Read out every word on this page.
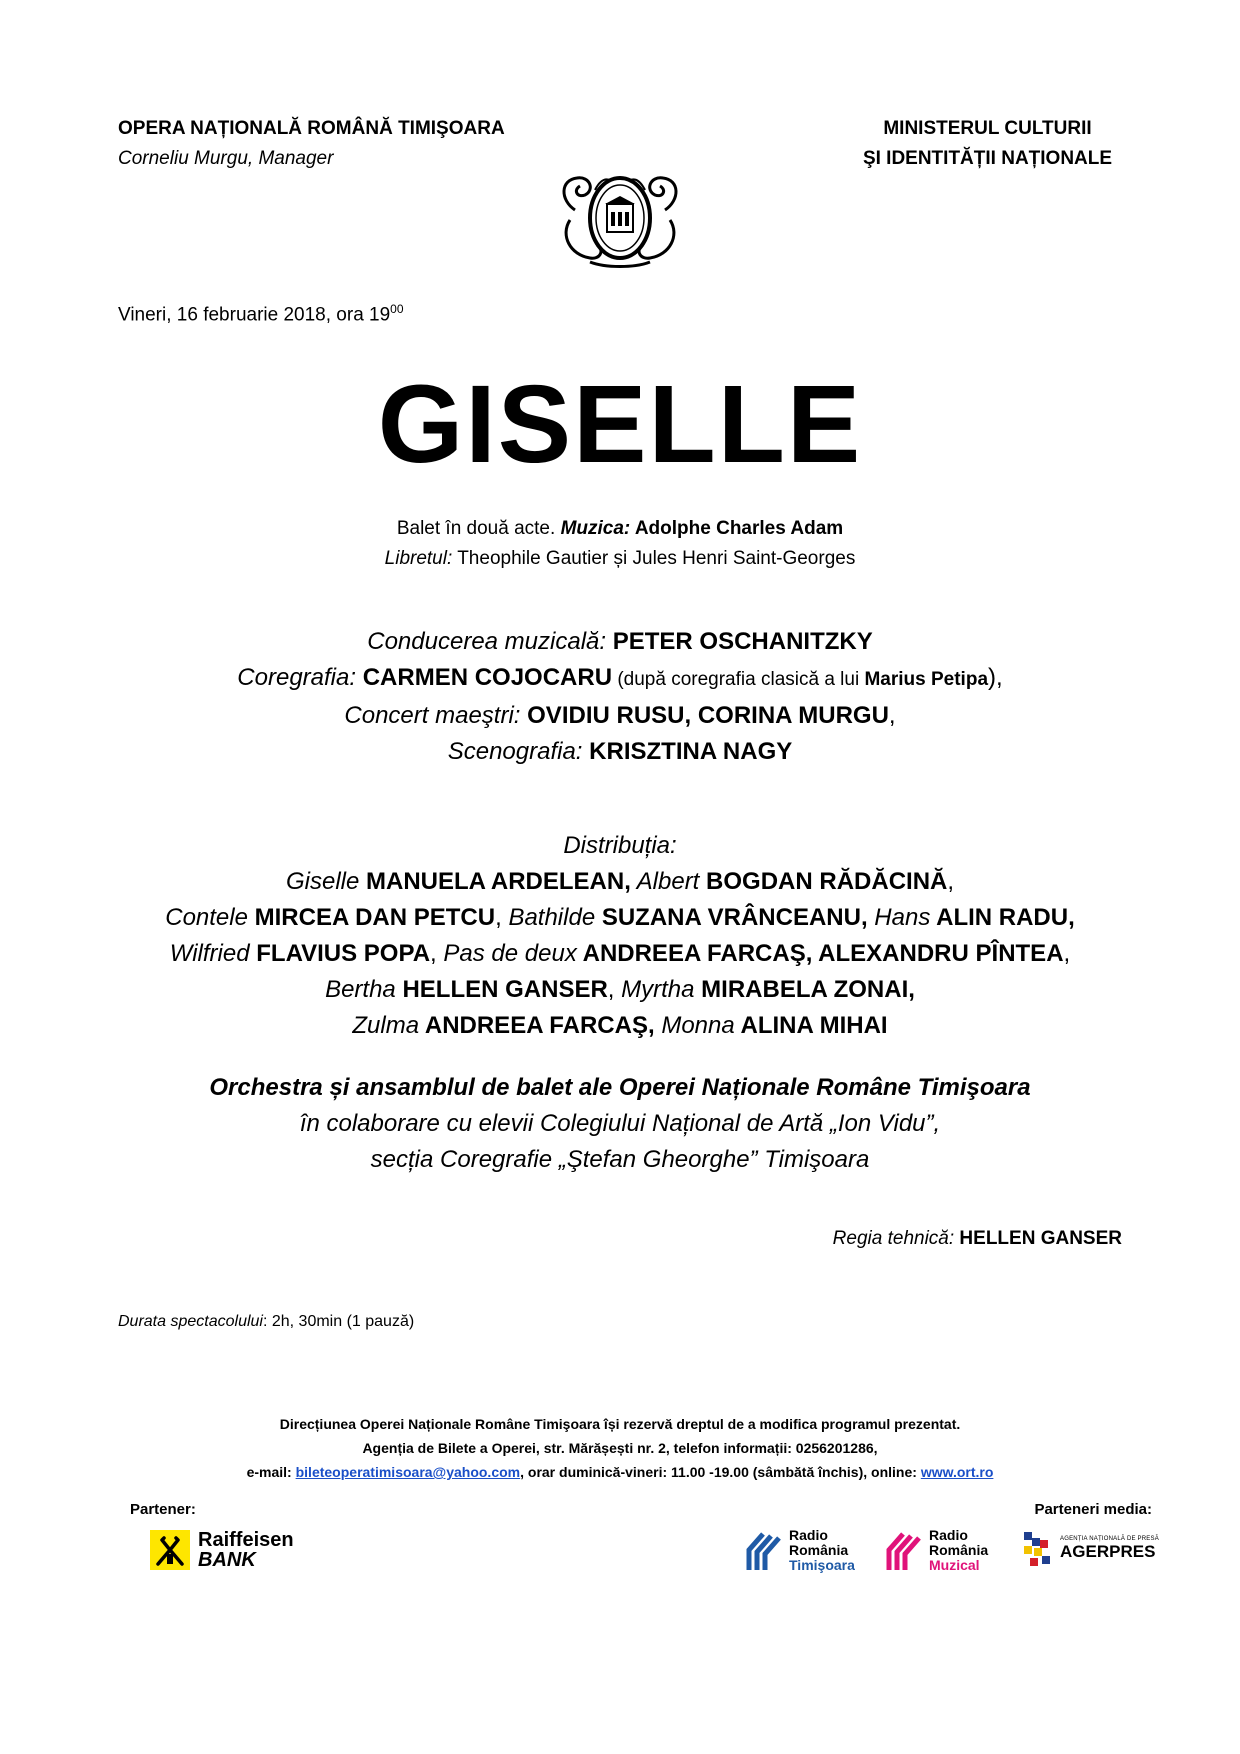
OPERA NAȚIONALĂ ROMÂNĂ TIMIŞOARA
Corneliu Murgu, Manager
MINISTERUL CULTURII
ŞI IDENTITĂȚII NAȚIONALE
Vineri, 16 februarie 2018, ora $19^{00}$
GISELLE
Balet în două acte. Muzica: Adolphe Charles Adam
Libretul: Theophile Gautier și Jules Henri Saint-Georges
Conducerea muzicală: PETER OSCHANITZKY
Coregrafia: CARMEN COJOCARU (după coregrafia clasică a lui Marius Petipa),
Concert maeştri: OVIDIU RUSU, CORINA MURGU,
Scenografia: KRISZTINA NAGY
Distribuția:
Giselle MANUELA ARDELEAN, Albert BOGDAN RĂDĂCINĂ,
Contele MIRCEA DAN PETCU, Bathilde SUZANA VRÂNCEANU, Hans ALIN RADU,
Wilfried FLAVIUS POPA, Pas de deux ANDREEA FARCAŞ, ALEXANDRU PÎNTEA,
Bertha HELLEN GANSER, Myrtha MIRABELA ZONAI,
Zulma ANDREEA FARCAŞ, Monna ALINA MIHAI
Orchestra și ansamblul de balet ale Operei Naționale Române Timişoara
în colaborare cu elevii Colegiului Național de Artă „Ion Vidu”,
secția Coregrafie „Ştefan Gheorghe” Timişoara
Regia tehnică: HELLEN GANSER
Durata spectacolului: 2h, 30min (1 pauză)
Direcțiunea Operei Naționale Române Timişoara își rezervă dreptul de a modifica programul prezentat.
Agenția de Bilete a Operei, str. Mărășești nr. 2, telefon informații: 0256201286,
e-mail: bileteoperatimisoara@yahoo.com, orar duminică-vineri: 11.00 -19.00 (sâmbătă închis), online: www.ort.ro
Partener:	Parteneri media:
Raiffeisen
BANK
Radio
România
Timişoara
Radio
România
Muzical
AGENȚIA NAȚIONALĂ DE PRESĂ
AGERPRES
